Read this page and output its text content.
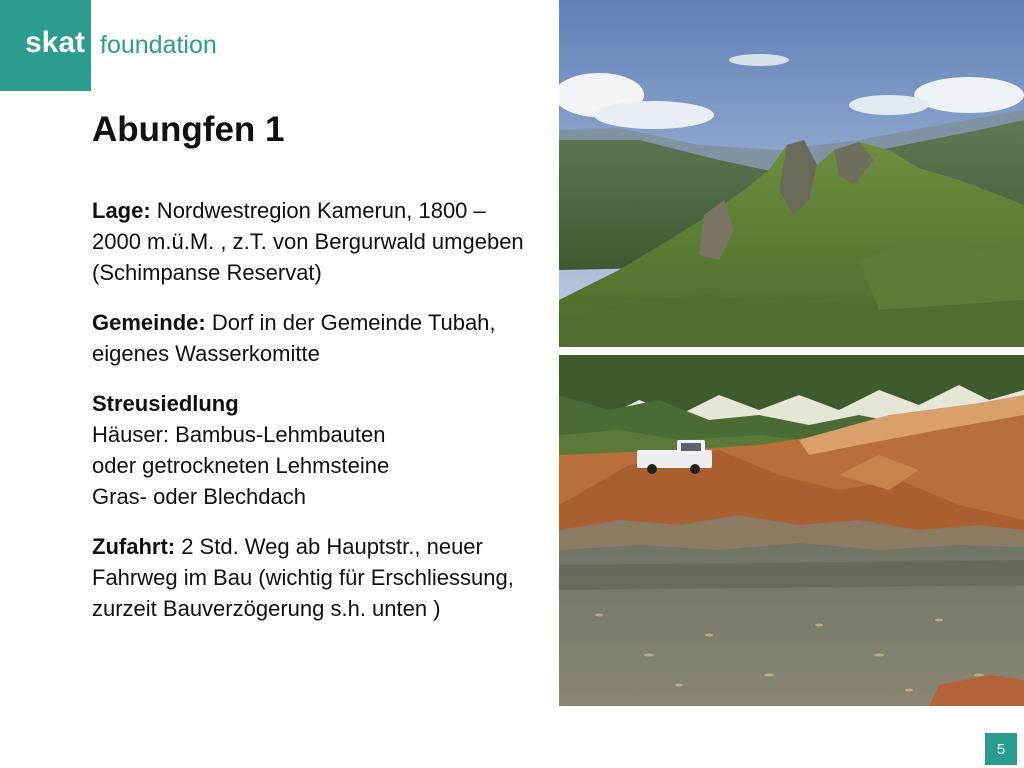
skat foundation
Abungfen 1

Lage: Nordwestregion Kamerun, 1800 – 2000 m.ü.M. , z.T. von Bergurwald umgeben (Schimpanse Reservat)

Gemeinde: Dorf in der Gemeinde Tubah, eigenes Wasserkomitte

Streusiedlung
Häuser: Bambus-Lehmbauten
oder getrockneten Lehmsteine
Gras- oder Blechdach

Zufahrt: 2 Std. Weg ab Hauptstr., neuer Fahrweg im Bau (wichtig für Erschliessung, zurzeit Bauverzögerung s.h. unten )

5
